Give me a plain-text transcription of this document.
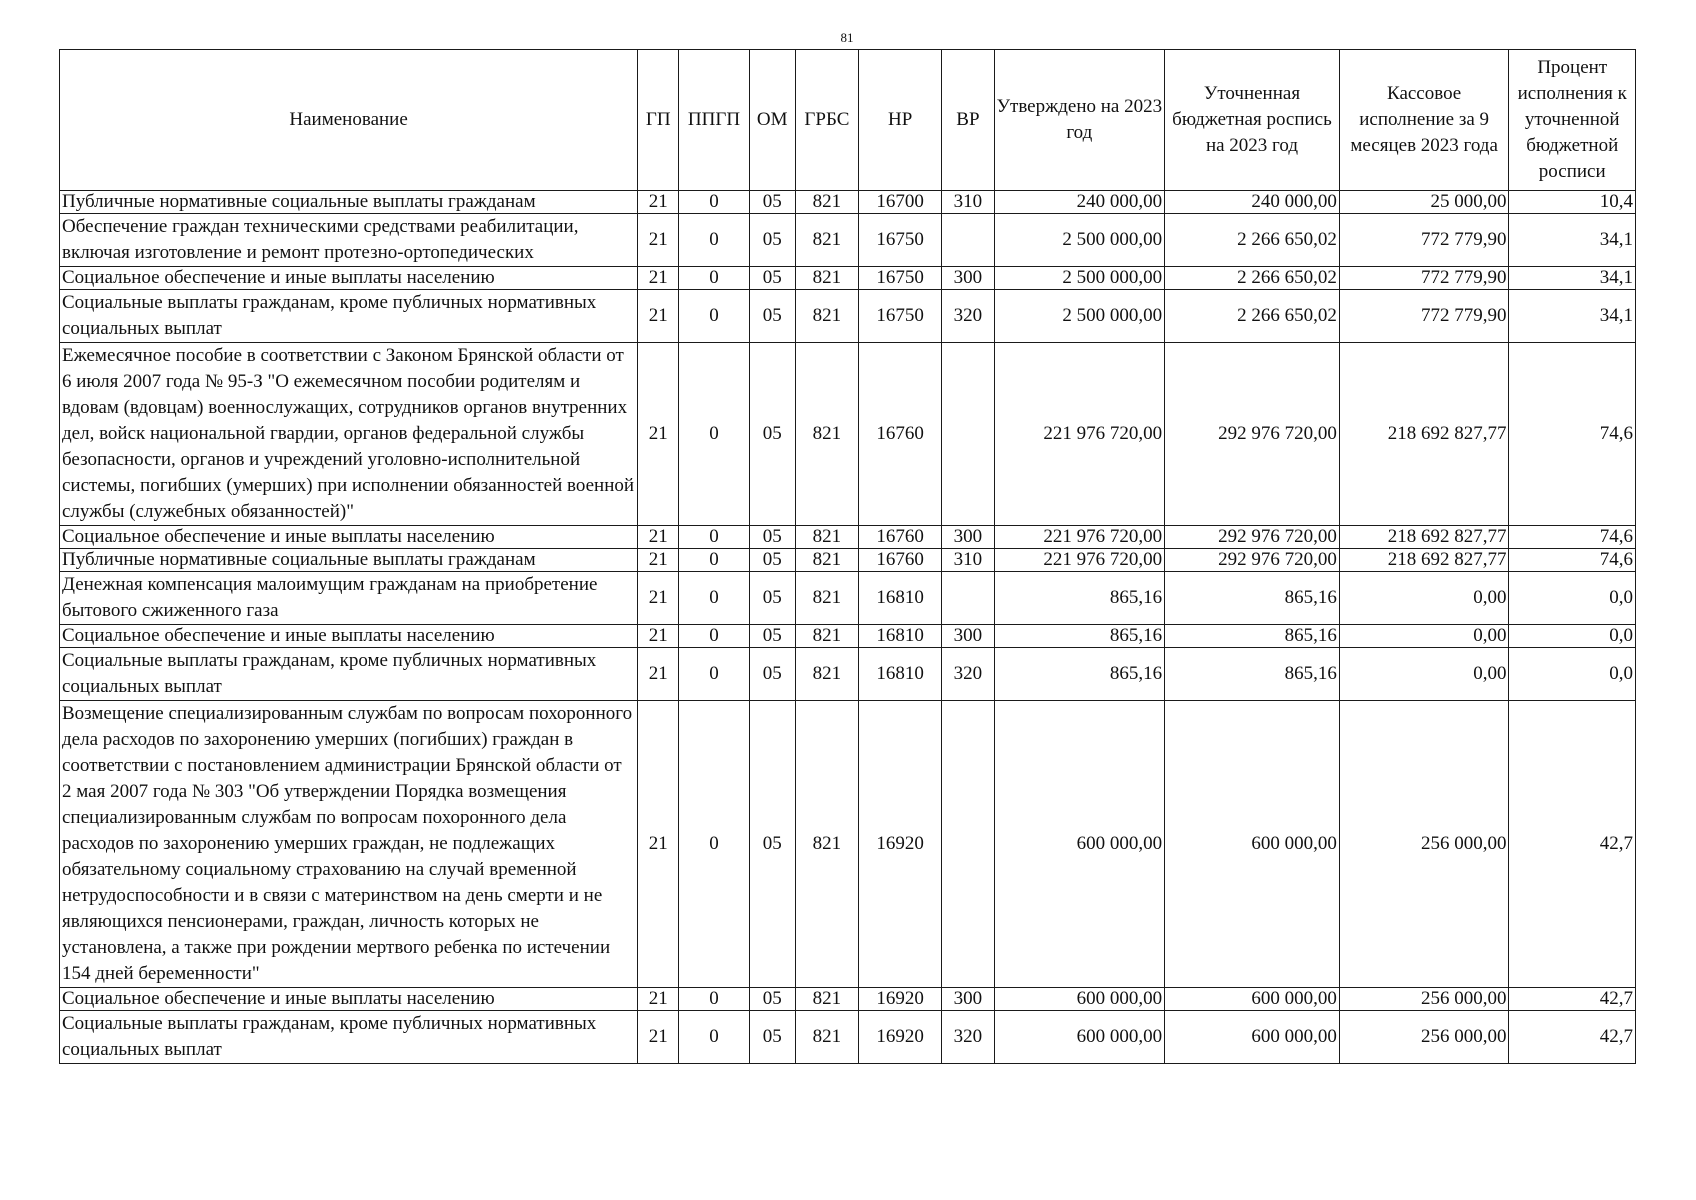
81
Наименование	ГП	ППГП	ОМ	ГРБС	НР	ВР	Утверждено на 2023 год	Уточненная бюджетная роспись на 2023 год	Кассовое исполнение за 9 месяцев 2023 года	Процент исполнения к уточненной бюджетной росписи
Публичные нормативные социальные выплаты гражданам	21	0	05	821	16700	310	240 000,00	240 000,00	25 000,00	10,4
Обеспечение граждан техническими средствами реабилитации, включая изготовление и ремонт протезно-ортопедических	21	0	05	821	16750		2 500 000,00	2 266 650,02	772 779,90	34,1
Социальное обеспечение и иные выплаты населению	21	0	05	821	16750	300	2 500 000,00	2 266 650,02	772 779,90	34,1
Социальные выплаты гражданам, кроме публичных нормативных социальных выплат	21	0	05	821	16750	320	2 500 000,00	2 266 650,02	772 779,90	34,1
Ежемесячное пособие в соответствии с Законом Брянской области от 6 июля 2007 года № 95-З "О ежемесячном пособии родителям и вдовам (вдовцам) военнослужащих, сотрудников органов внутренних дел, войск национальной гвардии, органов федеральной службы безопасности, органов и учреждений уголовно-исполнительной системы, погибших (умерших) при исполнении обязанностей военной службы (служебных обязанностей)"	21	0	05	821	16760		221 976 720,00	292 976 720,00	218 692 827,77	74,6
Социальное обеспечение и иные выплаты населению	21	0	05	821	16760	300	221 976 720,00	292 976 720,00	218 692 827,77	74,6
Публичные нормативные социальные выплаты гражданам	21	0	05	821	16760	310	221 976 720,00	292 976 720,00	218 692 827,77	74,6
Денежная компенсация малоимущим гражданам на приобретение бытового сжиженного газа	21	0	05	821	16810		865,16	865,16	0,00	0,0
Социальное обеспечение и иные выплаты населению	21	0	05	821	16810	300	865,16	865,16	0,00	0,0
Социальные выплаты гражданам, кроме публичных нормативных социальных выплат	21	0	05	821	16810	320	865,16	865,16	0,00	0,0
Возмещение специализированным службам по вопросам похоронного дела расходов по захоронению умерших (погибших) граждан в соответствии с постановлением администрации Брянской области от 2 мая 2007 года № 303 "Об утверждении Порядка возмещения специализированным службам по вопросам похоронного дела расходов по захоронению умерших граждан, не подлежащих обязательному социальному страхованию на случай временной нетрудоспособности и в связи с материнством на день смерти и не являющихся пенсионерами, граждан, личность которых не установлена, а также при рождении мертвого ребенка по истечении 154 дней беременности"	21	0	05	821	16920		600 000,00	600 000,00	256 000,00	42,7
Социальное обеспечение и иные выплаты населению	21	0	05	821	16920	300	600 000,00	600 000,00	256 000,00	42,7
Социальные выплаты гражданам, кроме публичных нормативных социальных выплат	21	0	05	821	16920	320	600 000,00	600 000,00	256 000,00	42,7
